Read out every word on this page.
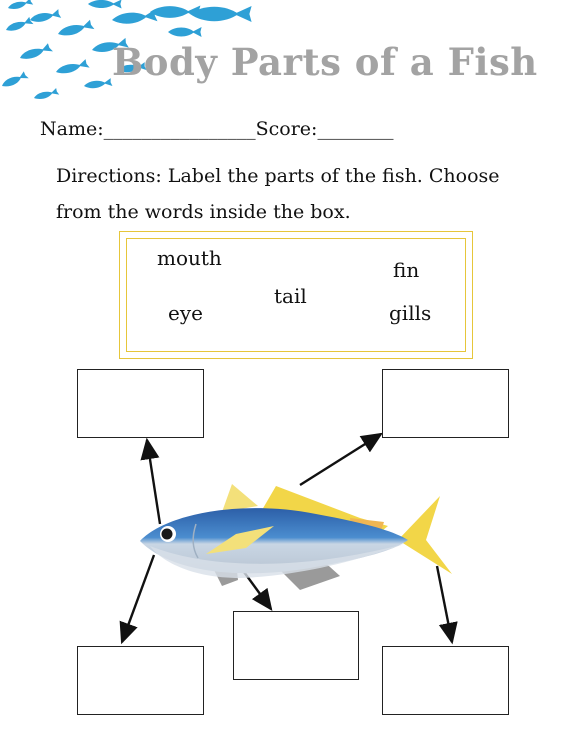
Body Parts of a Fish
Name:________________Score:________
Directions: Label the parts of the fish. Choose from the words inside the box.
mouth	fin
tail
eye	gills
